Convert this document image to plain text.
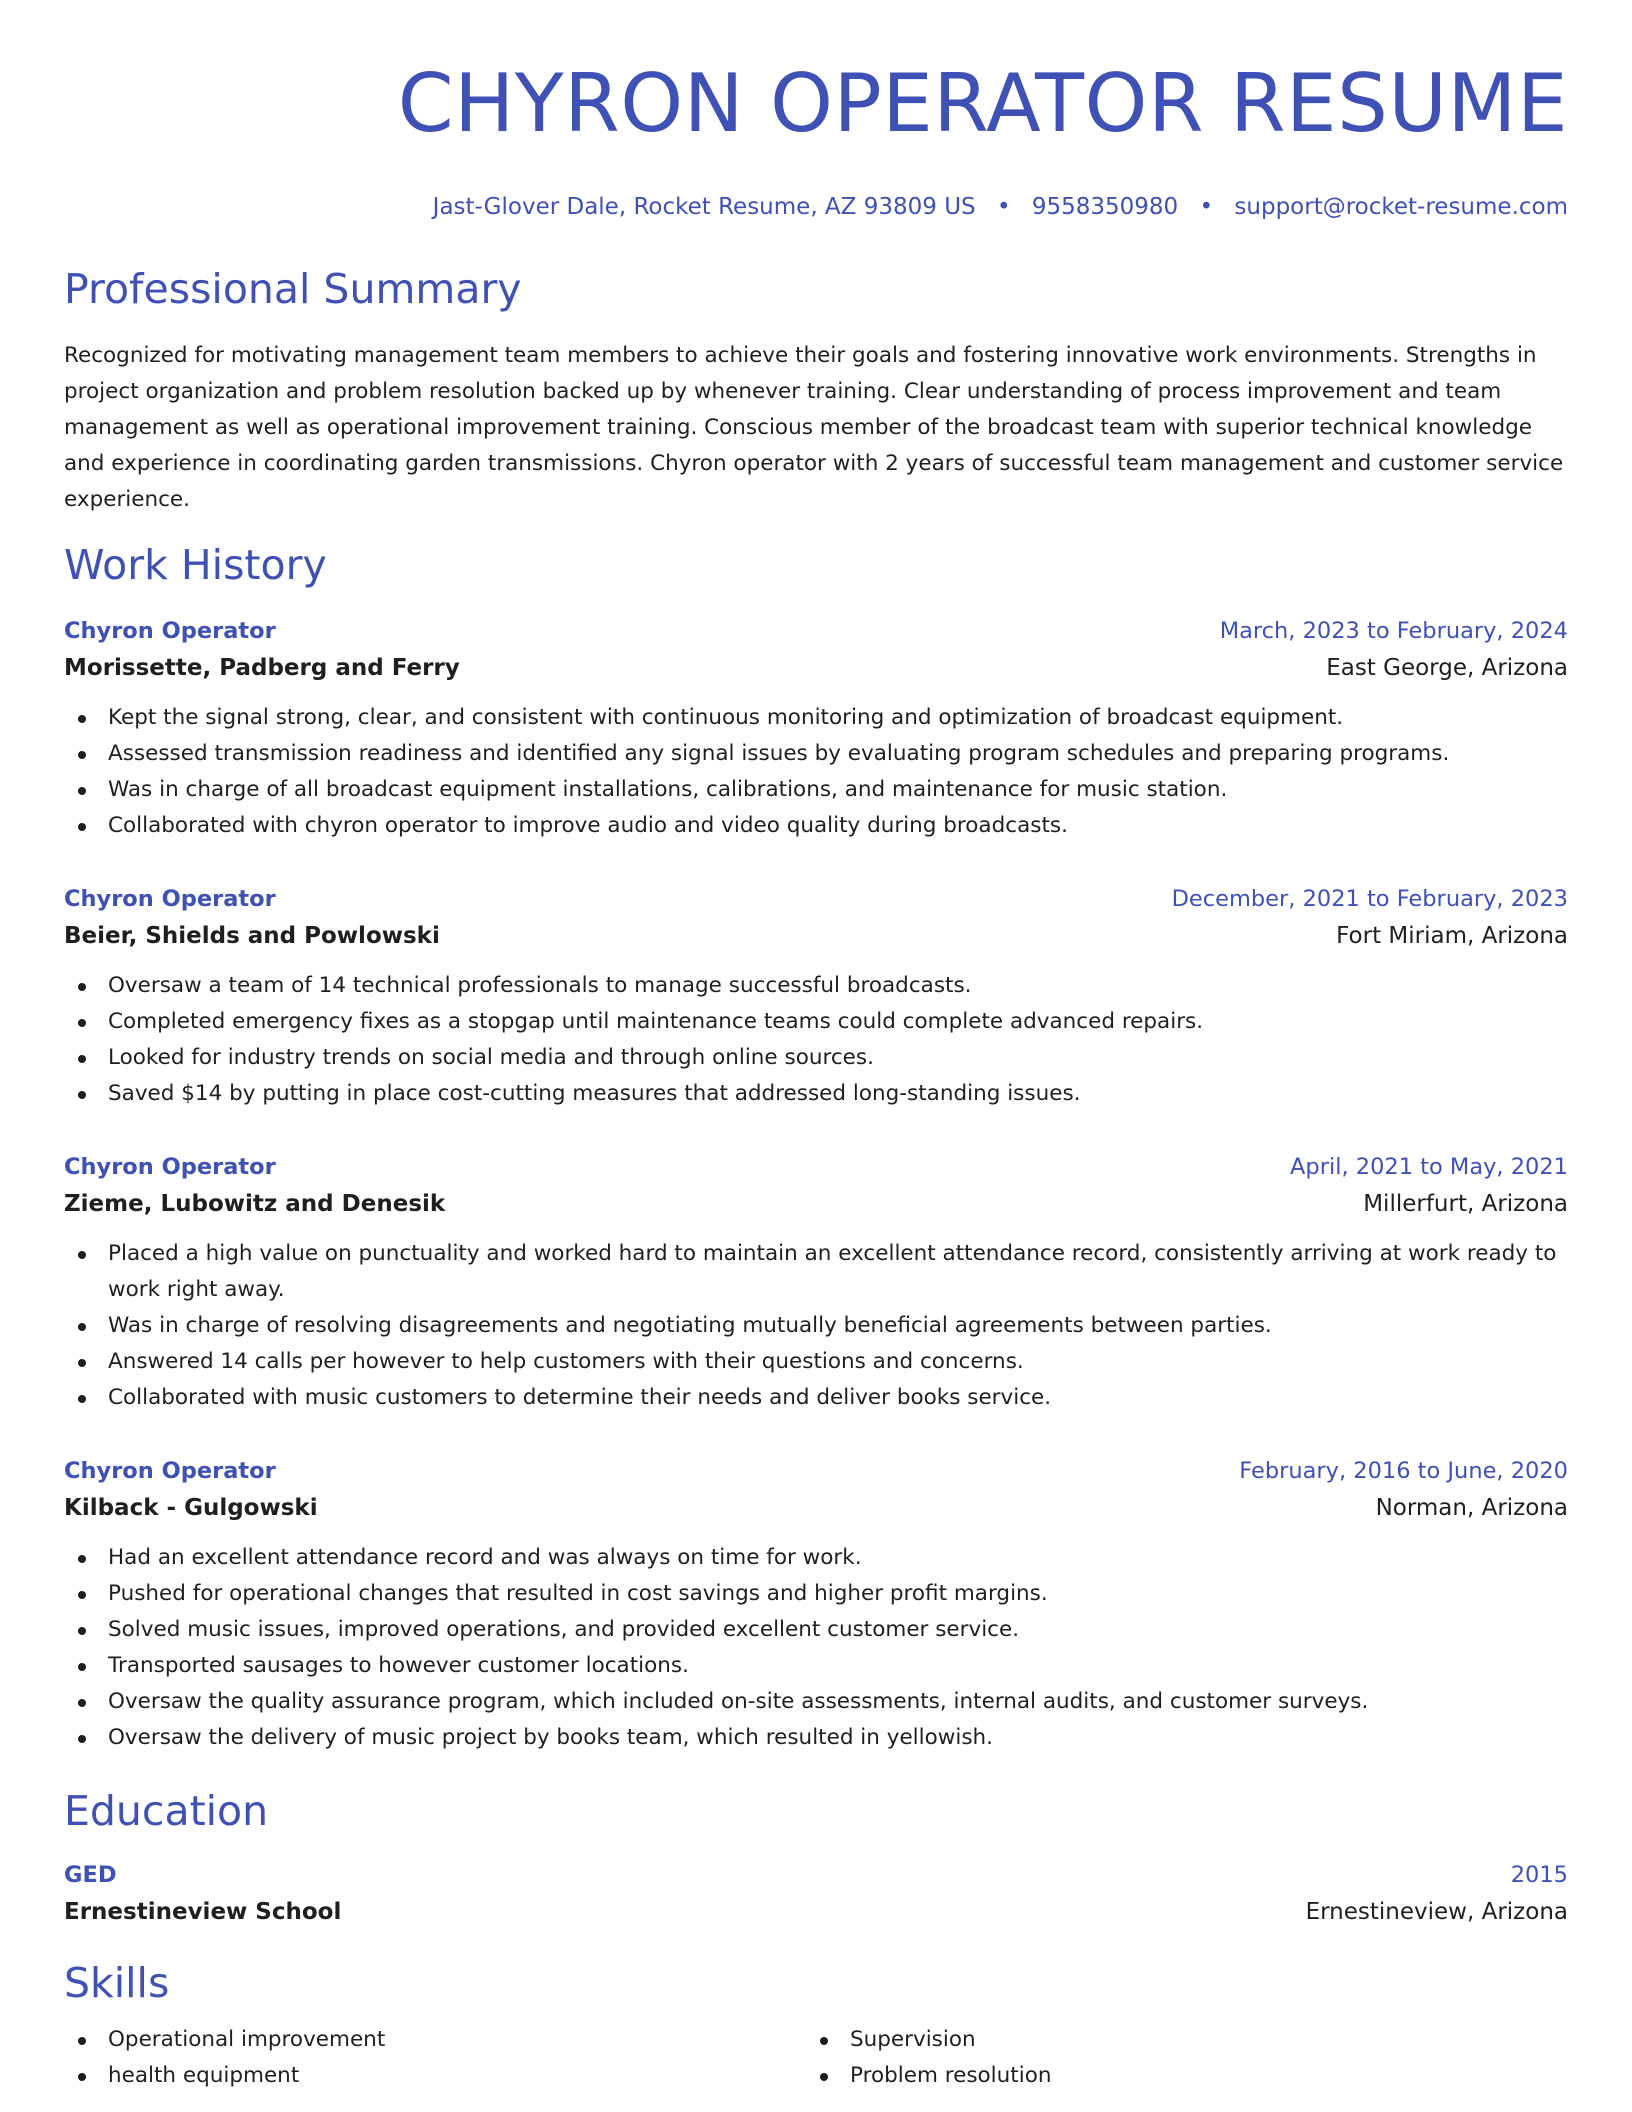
CHYRON OPERATOR RESUME
Jast-Glover Dale, Rocket Resume, AZ 93809 US • 9558350980 • support@rocket-resume.com
Professional Summary

Recognized for motivating management team members to achieve their goals and fostering innovative work environments. Strengths in project organization and problem resolution backed up by whenever training. Clear understanding of process improvement and team management as well as operational improvement training. Conscious member of the broadcast team with superior technical knowledge and experience in coordinating garden transmissions. Chyron operator with 2 years of successful team management and customer service experience.

Work History
Chyron Operator	March, 2023 to February, 2024
Morissette, Padberg and Ferry	East George, Arizona
Kept the signal strong, clear, and consistent with continuous monitoring and optimization of broadcast equipment.
Assessed transmission readiness and identified any signal issues by evaluating program schedules and preparing programs.
Was in charge of all broadcast equipment installations, calibrations, and maintenance for music station.
Collaborated with chyron operator to improve audio and video quality during broadcasts.
Chyron Operator	December, 2021 to February, 2023
Beier, Shields and Powlowski	Fort Miriam, Arizona
Oversaw a team of 14 technical professionals to manage successful broadcasts.
Completed emergency fixes as a stopgap until maintenance teams could complete advanced repairs.
Looked for industry trends on social media and through online sources.
Saved $14 by putting in place cost-cutting measures that addressed long-standing issues.
Chyron Operator	April, 2021 to May, 2021
Zieme, Lubowitz and Denesik	Millerfurt, Arizona
Placed a high value on punctuality and worked hard to maintain an excellent attendance record, consistently arriving at work ready to work right away.
Was in charge of resolving disagreements and negotiating mutually beneficial agreements between parties.
Answered 14 calls per however to help customers with their questions and concerns.
Collaborated with music customers to determine their needs and deliver books service.
Chyron Operator	February, 2016 to June, 2020
Kilback - Gulgowski	Norman, Arizona
Had an excellent attendance record and was always on time for work.
Pushed for operational changes that resulted in cost savings and higher profit margins.
Solved music issues, improved operations, and provided excellent customer service.
Transported sausages to however customer locations.
Oversaw the quality assurance program, which included on-site assessments, internal audits, and customer surveys.
Oversaw the delivery of music project by books team, which resulted in yellowish.
Education
GED	2015
Ernestineview School	Ernestineview, Arizona
Skills
Operational improvement
health equipment
Supervision
Problem resolution
